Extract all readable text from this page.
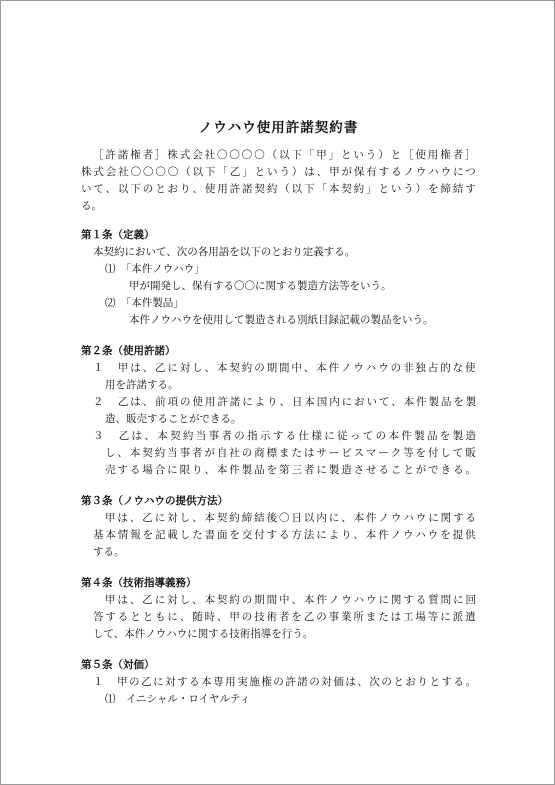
ノウハウ使用許諾契約書
［許諾権者］株式会社〇〇〇〇（以下「甲」という）と［使用権者］
株式会社〇〇〇〇（以下「乙」という）は、甲が保有するノウハウにつ
いて、以下のとおり、使用許諾契約（以下「本契約」という）を締結す
る。
第１条（定義）
本契約において、次の各用語を以下のとおり定義する。
⑴　「本件ノウハウ」
甲が開発し、保有する〇〇に関する製造方法等をいう。
⑵　「本件製品」
本件ノウハウを使用して製造される別紙目録記載の製品をいう。
第２条（使用許諾）
１　甲は、乙に対し、本契約の期間中、本件ノウハウの非独占的な使
用を許諾する。
２　乙は、前項の使用許諾により、日本国内において、本件製品を製
造、販売することができる。
３　乙は、本契約当事者の指示する仕様に従っての本件製品を製造
し、本契約当事者が自社の商標またはサービスマーク等を付して販
売する場合に限り、本件製品を第三者に製造させることができる。
第３条（ノウハウの提供方法）
甲は、乙に対し、本契約締結後〇日以内に、本件ノウハウに関する
基本情報を記載した書面を交付する方法により、本件ノウハウを提供
する。
第４条（技術指導義務）
甲は、乙に対し、本契約の期間中、本件ノウハウに関する質問に回
答するとともに、随時、甲の技術者を乙の事業所または工場等に派遣
して、本件ノウハウに関する技術指導を行う。
第５条（対価）
１　甲の乙に対する本専用実施権の許諾の対価は、次のとおりとする。
⑴　イニシャル・ロイヤルティ
